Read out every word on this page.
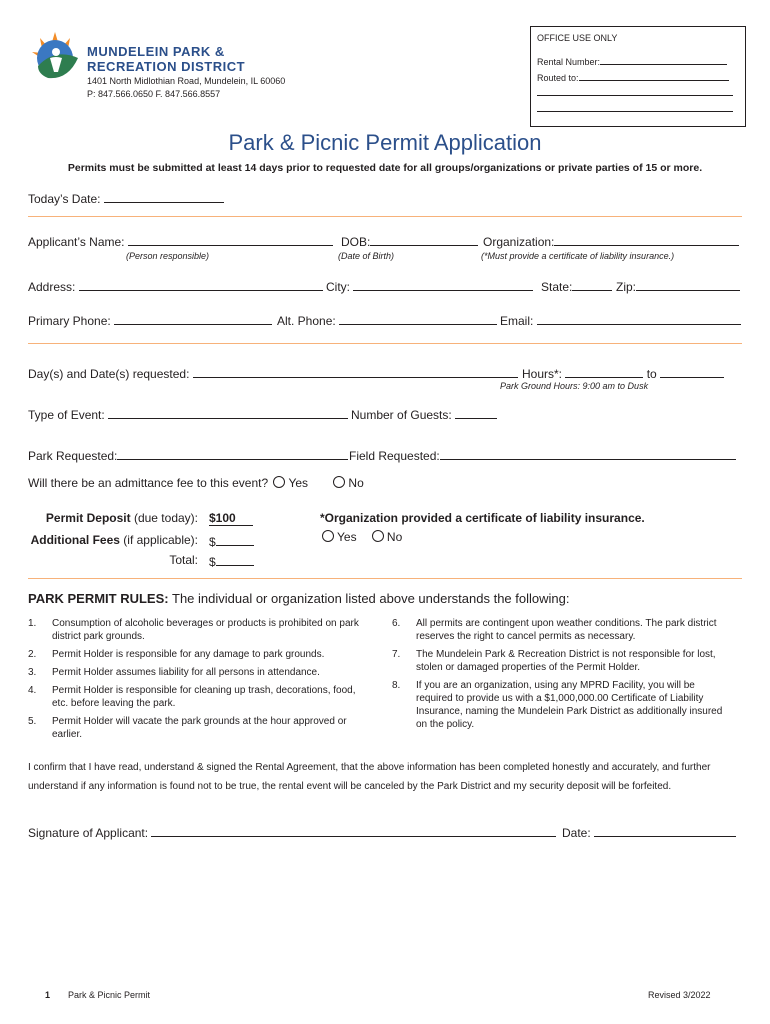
MUNDELEIN PARK &
RECREATION DISTRICT
1401 North Midlothian Road, Mundelein, IL 60060
P: 847.566.0650 F. 847.566.8557
OFFICE USE ONLY
Rental Number:
Routed to:
Park & Picnic Permit Application
Permits must be submitted at least 14 days prior to requested date for all groups/organizations or private parties of 15 or more.
Today’s Date:
Applicant’s Name:
(Person responsible)
DOB:
(Date of Birth)
Organization:
(*Must provide a certificate of liability insurance.)
Address:	City:	State:	Zip:
Primary Phone:	Alt. Phone:	Email:
Day(s) and Date(s) requested:	Hours*:	to
Park Ground Hours: 9:00 am to Dusk
Type of Event:	Number of Guests:
Park Requested:	Field Requested:
Will there be an admittance fee to this event? Yes	No
Permit Deposit (due today): $100
Additional Fees (if applicable): $
Total: $
*Organization provided a certificate of liability insurance.
Yes	No
PARK PERMIT RULES: The individual or organization listed above understands the following:
1. Consumption of alcoholic beverages or products is prohibited on park district park grounds.
2. Permit Holder is responsible for any damage to park grounds.
3. Permit Holder assumes liability for all persons in attendance.
4. Permit Holder is responsible for cleaning up trash, decorations, food, etc. before leaving the park.
5. Permit Holder will vacate the park grounds at the hour approved or earlier.
6. All permits are contingent upon weather conditions. The park district reserves the right to cancel permits as necessary.
7. The Mundelein Park & Recreation District is not responsible for lost, stolen or damaged properties of the Permit Holder.
8. If you are an organization, using any MPRD Facility, you will be required to provide us with a $1,000,000.00 Certificate of Liability Insurance, naming the Mundelein Park District as additionally insured on the policy.
I confirm that I have read, understand & signed the Rental Agreement, that the above information has been completed honestly and accurately, and further understand if any information is found not to be true, the rental event will be canceled by the Park District and my security deposit will be forfeited.
Signature of Applicant:	Date:
1 Park & Picnic Permit	Revised 3/2022
